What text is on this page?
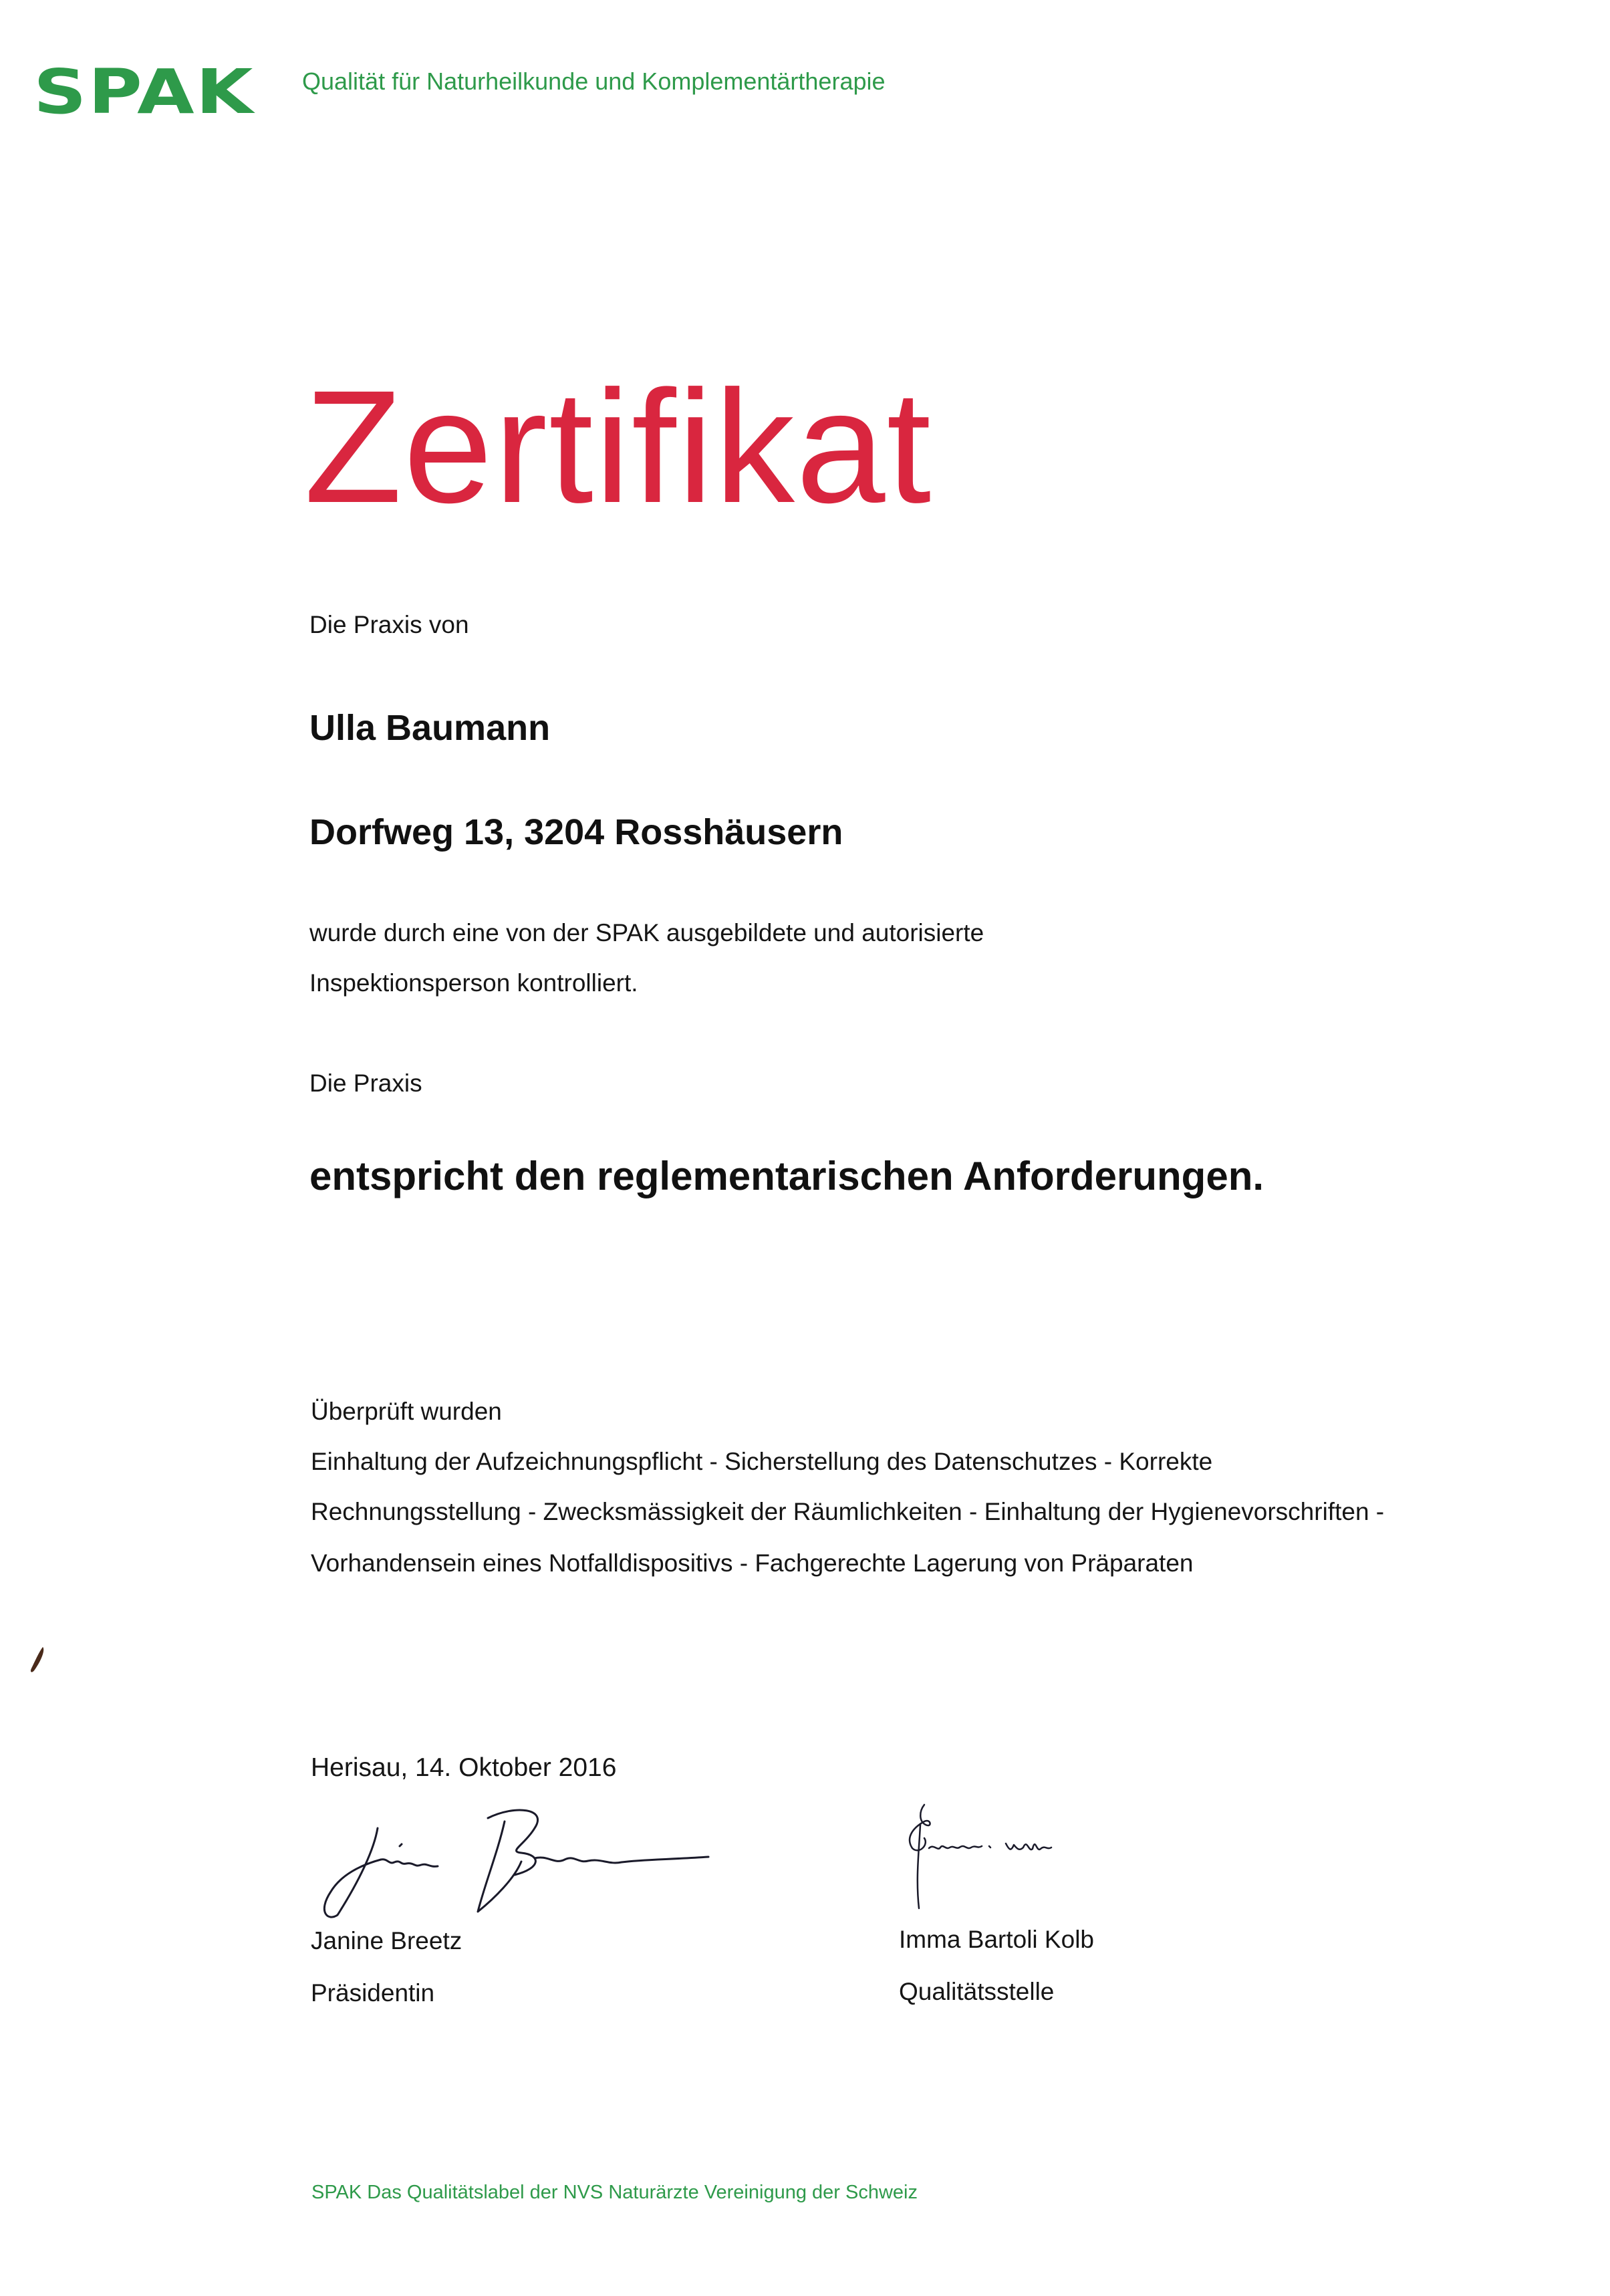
SPAK Qualität für Naturheilkunde und Komplementärtherapie
Zertifikat
Die Praxis von
Ulla Baumann
Dorfweg 13, 3204 Rosshäusern
wurde durch eine von der SPAK ausgebildete und autorisierte
Inspektionsperson kontrolliert.
Die Praxis
entspricht den reglementarischen Anforderungen.
Überprüft wurden
Einhaltung der Aufzeichnungspflicht - Sicherstellung des Datenschutzes - Korrekte
Rechnungsstellung - Zwecksmässigkeit der Räumlichkeiten - Einhaltung der Hygienevorschriften -
Vorhandensein eines Notfalldispositivs - Fachgerechte Lagerung von Präparaten
Herisau, 14. Oktober 2016
Janine Breetz
Präsidentin
Imma Bartoli Kolb
Qualitätsstelle
SPAK Das Qualitätslabel der NVS Naturärzte Vereinigung der Schweiz
